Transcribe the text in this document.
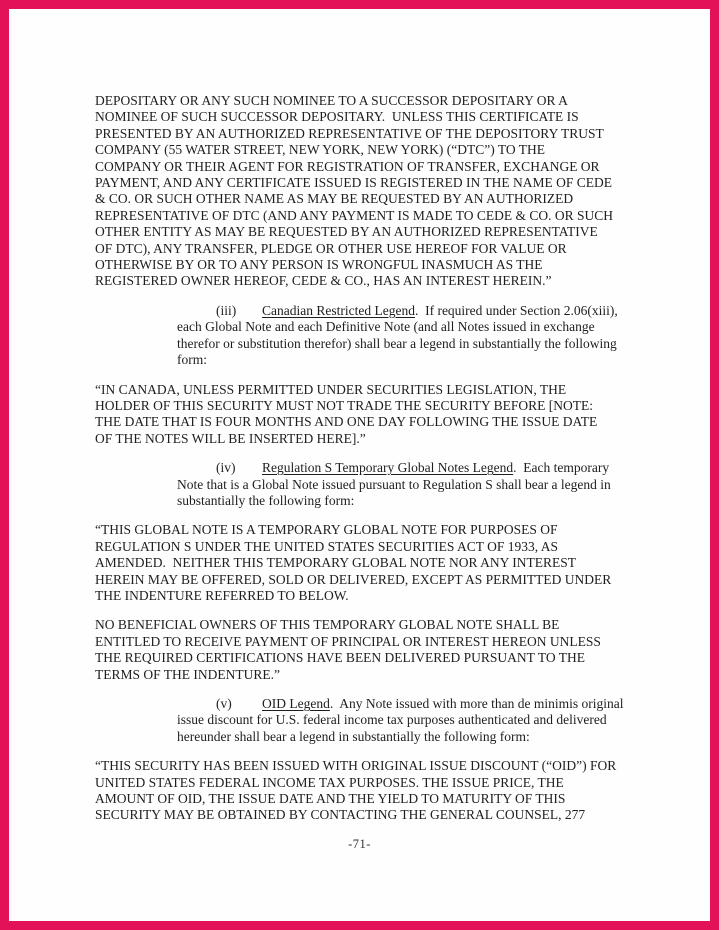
DEPOSITARY OR ANY SUCH NOMINEE TO A SUCCESSOR DEPOSITARY OR A
NOMINEE OF SUCH SUCCESSOR DEPOSITARY.  UNLESS THIS CERTIFICATE IS
PRESENTED BY AN AUTHORIZED REPRESENTATIVE OF THE DEPOSITORY TRUST
COMPANY (55 WATER STREET, NEW YORK, NEW YORK) (“DTC”) TO THE
COMPANY OR THEIR AGENT FOR REGISTRATION OF TRANSFER, EXCHANGE OR
PAYMENT, AND ANY CERTIFICATE ISSUED IS REGISTERED IN THE NAME OF CEDE
& CO. OR SUCH OTHER NAME AS MAY BE REQUESTED BY AN AUTHORIZED
REPRESENTATIVE OF DTC (AND ANY PAYMENT IS MADE TO CEDE & CO. OR SUCH
OTHER ENTITY AS MAY BE REQUESTED BY AN AUTHORIZED REPRESENTATIVE
OF DTC), ANY TRANSFER, PLEDGE OR OTHER USE HEREOF FOR VALUE OR
OTHERWISE BY OR TO ANY PERSON IS WRONGFUL INASMUCH AS THE
REGISTERED OWNER HEREOF, CEDE & CO., HAS AN INTEREST HEREIN.”
(iii) Canadian Restricted Legend.  If required under Section 2.06(xiii),
each Global Note and each Definitive Note (and all Notes issued in exchange
therefor or substitution therefor) shall bear a legend in substantially the following
form:
“IN CANADA, UNLESS PERMITTED UNDER SECURITIES LEGISLATION, THE
HOLDER OF THIS SECURITY MUST NOT TRADE THE SECURITY BEFORE [NOTE:
THE DATE THAT IS FOUR MONTHS AND ONE DAY FOLLOWING THE ISSUE DATE
OF THE NOTES WILL BE INSERTED HERE].”
(iv) Regulation S Temporary Global Notes Legend.  Each temporary
Note that is a Global Note issued pursuant to Regulation S shall bear a legend in
substantially the following form:
“THIS GLOBAL NOTE IS A TEMPORARY GLOBAL NOTE FOR PURPOSES OF
REGULATION S UNDER THE UNITED STATES SECURITIES ACT OF 1933, AS
AMENDED.  NEITHER THIS TEMPORARY GLOBAL NOTE NOR ANY INTEREST
HEREIN MAY BE OFFERED, SOLD OR DELIVERED, EXCEPT AS PERMITTED UNDER
THE INDENTURE REFERRED TO BELOW.
NO BENEFICIAL OWNERS OF THIS TEMPORARY GLOBAL NOTE SHALL BE
ENTITLED TO RECEIVE PAYMENT OF PRINCIPAL OR INTEREST HEREON UNLESS
THE REQUIRED CERTIFICATIONS HAVE BEEN DELIVERED PURSUANT TO THE
TERMS OF THE INDENTURE.”
(v) OID Legend.  Any Note issued with more than de minimis original
issue discount for U.S. federal income tax purposes authenticated and delivered
hereunder shall bear a legend in substantially the following form:
“THIS SECURITY HAS BEEN ISSUED WITH ORIGINAL ISSUE DISCOUNT (“OID”) FOR
UNITED STATES FEDERAL INCOME TAX PURPOSES. THE ISSUE PRICE, THE
AMOUNT OF OID, THE ISSUE DATE AND THE YIELD TO MATURITY OF THIS
SECURITY MAY BE OBTAINED BY CONTACTING THE GENERAL COUNSEL, 277
-71-
